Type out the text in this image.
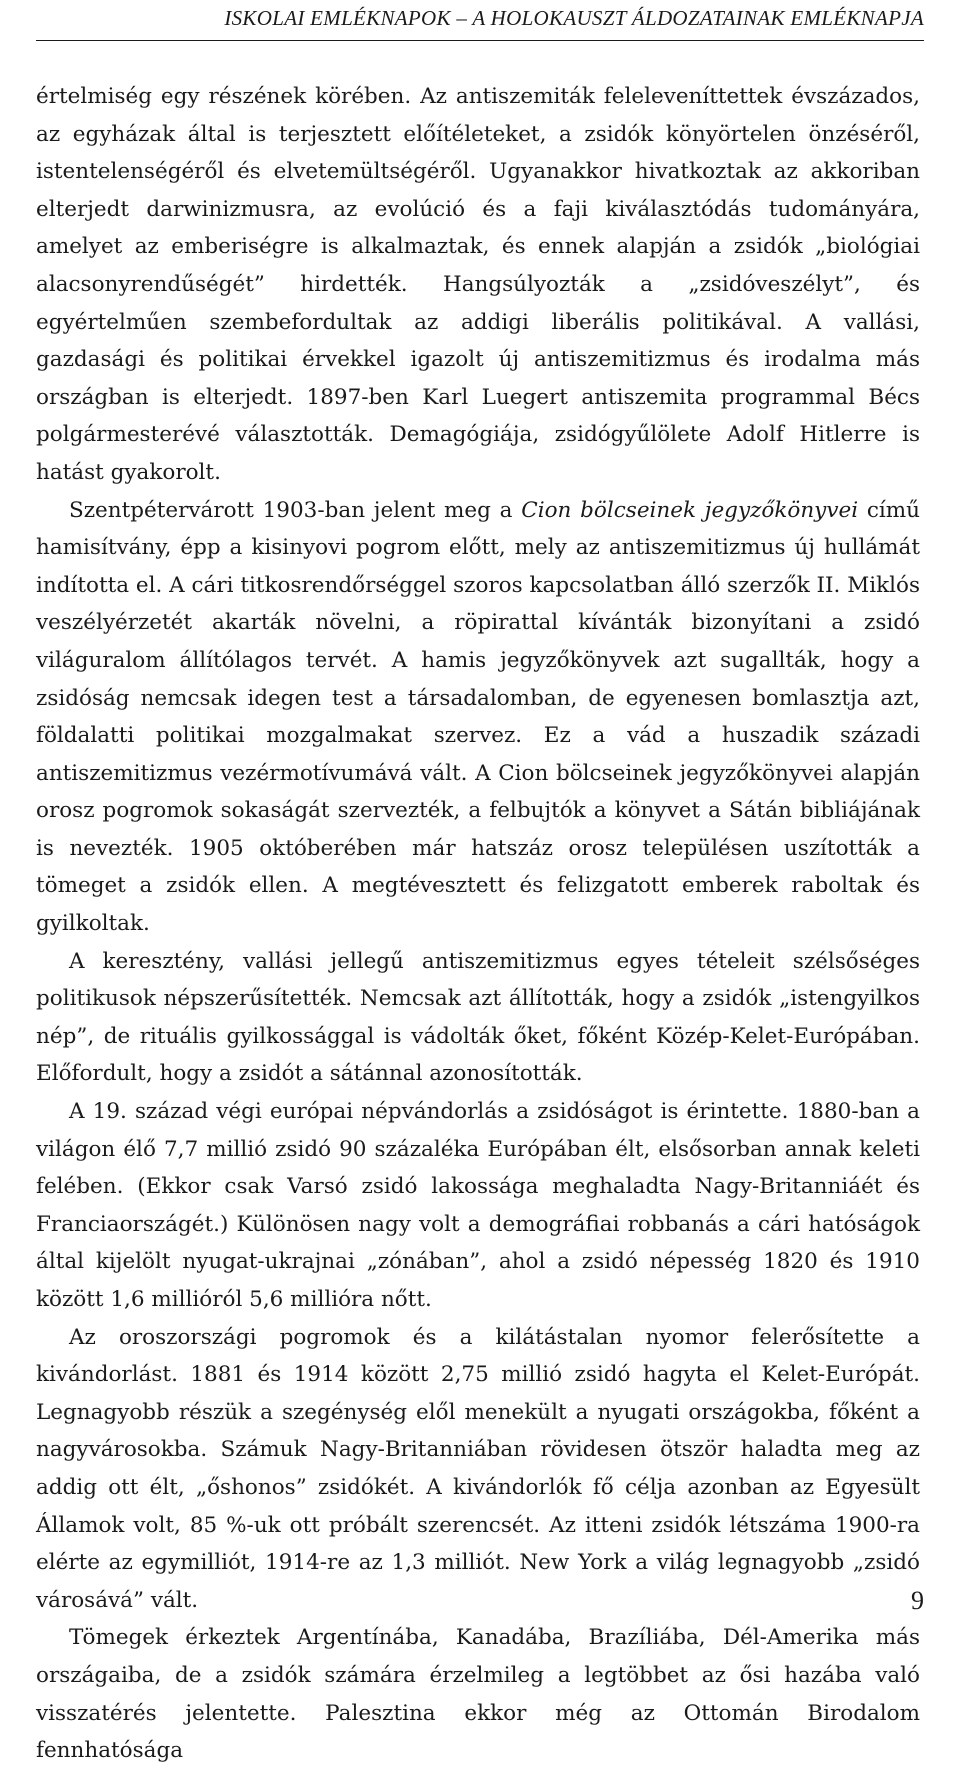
ISKOLAI EMLÉKNAPOK – A HOLOKAUSZT ÁLDOZATAINAK EMLÉKNAPJA

értelmiség egy részének körében. Az antiszemiták feleleveníttettek évszázados, az egyházak által is terjesztett előítéleteket, a zsidók könyörtelen önzéséről, istentelenségéről és elvetemültségéről. Ugyanakkor hivatkoztak az akkoriban elterjedt darwinizmusra, az evolúció és a faji kiválasztódás tudományára, amelyet az emberiségre is alkalmaztak, és ennek alapján a zsidók „biológiai alacsonyrendűségét” hirdették. Hangsúlyozták a „zsidóveszélyt”, és egyértelműen szembefordultak az addigi liberális politikával. A vallási, gazdasági és politikai érvekkel igazolt új antiszemitizmus és irodalma más országban is elterjedt. 1897-ben Karl Luegert antiszemita programmal Bécs polgármesterévé választották. Demagógiája, zsidógyűlölete Adolf Hitlerre is hatást gyakorolt.

Szentpétervárott 1903-ban jelent meg a Cion bölcseinek jegyzőkönyvei című hamisítvány, épp a kisinyovi pogrom előtt, mely az antiszemitizmus új hullámát indította el. A cári titkosrendőrséggel szoros kapcsolatban álló szerzők II. Miklós veszélyérzetét akarták növelni, a röpirattal kívánták bizonyítani a zsidó világuralom állítólagos tervét. A hamis jegyzőkönyvek azt sugallták, hogy a zsidóság nemcsak idegen test a társadalomban, de egyenesen bomlasztja azt, földalatti politikai mozgalmakat szervez. Ez a vád a huszadik századi antiszemitizmus vezérmotívumává vált. A Cion bölcseinek jegyzőkönyvei alapján orosz pogromok sokaságát szervezték, a felbujtók a könyvet a Sátán bibliájának is nevezték. 1905 októberében már hatszáz orosz településen uszították a tömeget a zsidók ellen. A megtévesztett és felizgatott emberek raboltak és gyilkoltak.

A keresztény, vallási jellegű antiszemitizmus egyes tételeit szélsőséges politikusok népszerűsítették. Nemcsak azt állították, hogy a zsidók „istengyilkos nép”, de rituális gyilkossággal is vádolták őket, főként Közép-Kelet-Európában. Előfordult, hogy a zsidót a sátánnal azonosították.

A 19. század végi európai népvándorlás a zsidóságot is érintette. 1880-ban a világon élő 7,7 millió zsidó 90 százaléka Európában élt, elsősorban annak keleti felében. (Ekkor csak Varsó zsidó lakossága meghaladta Nagy-Britanniáét és Franciaországét.) Különösen nagy volt a demográfiai robbanás a cári hatóságok által kijelölt nyugat-ukrajnai „zónában”, ahol a zsidó népesség 1820 és 1910 között 1,6 millióról 5,6 millióra nőtt.

Az oroszországi pogromok és a kilátástalan nyomor felerősítette a kivándorlást. 1881 és 1914 között 2,75 millió zsidó hagyta el Kelet-Európát. Legnagyobb részük a szegénység elől menekült a nyugati országokba, főként a nagyvárosokba. Számuk Nagy-Britanniában rövidesen ötször haladta meg az addig ott élt, „őshonos” zsidókét. A kivándorlók fő célja azonban az Egyesült Államok volt, 85 %-uk ott próbált szerencsét. Az itteni zsidók létszáma 1900-ra elérte az egymilliót, 1914-re az 1,3 milliót. New York a világ legnagyobb „zsidó városává” vált.

Tömegek érkeztek Argentínába, Kanadába, Brazíliába, Dél-Amerika más országaiba, de a zsidók számára érzelmileg a legtöbbet az ősi hazába való visszatérés jelentette. Palesztina ekkor még az Ottomán Birodalom fennhatósága

9
